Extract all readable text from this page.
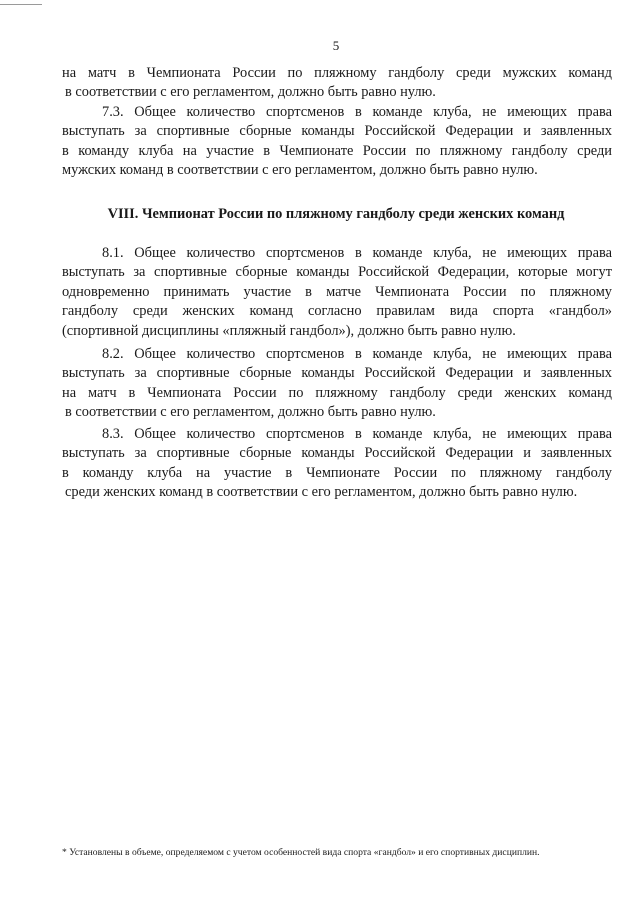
5
на матч в Чемпионата России по пляжному гандболу среди мужских команд
в соответствии с его регламентом, должно быть равно нулю.
7.3. Общее количество спортсменов в команде клуба, не имеющих права
выступать за спортивные сборные команды Российской Федерации и заявленных
в команду клуба на участие в Чемпионате России по пляжному гандболу среди
мужских команд в соответствии с его регламентом, должно быть равно нулю.
VIII. Чемпионат России по пляжному гандболу среди женских команд
8.1. Общее количество спортсменов в команде клуба, не имеющих права
выступать за спортивные сборные команды Российской Федерации, которые могут
одновременно принимать участие в матче Чемпионата России по пляжному
гандболу среди женских команд согласно правилам вида спорта «гандбол»
(спортивной дисциплины «пляжный гандбол»), должно быть равно нулю.
8.2. Общее количество спортсменов в команде клуба, не имеющих права
выступать за спортивные сборные команды Российской Федерации и заявленных
на матч в Чемпионата России по пляжному гандболу среди женских команд
в соответствии с его регламентом, должно быть равно нулю.
8.3. Общее количество спортсменов в команде клуба, не имеющих права
выступать за спортивные сборные команды Российской Федерации и заявленных
в команду клуба на участие в Чемпионате России по пляжному гандболу
среди женских команд в соответствии с его регламентом, должно быть равно нулю.
* Установлены в объеме, определяемом с учетом особенностей вида спорта «гандбол» и его спортивных дисциплин.
